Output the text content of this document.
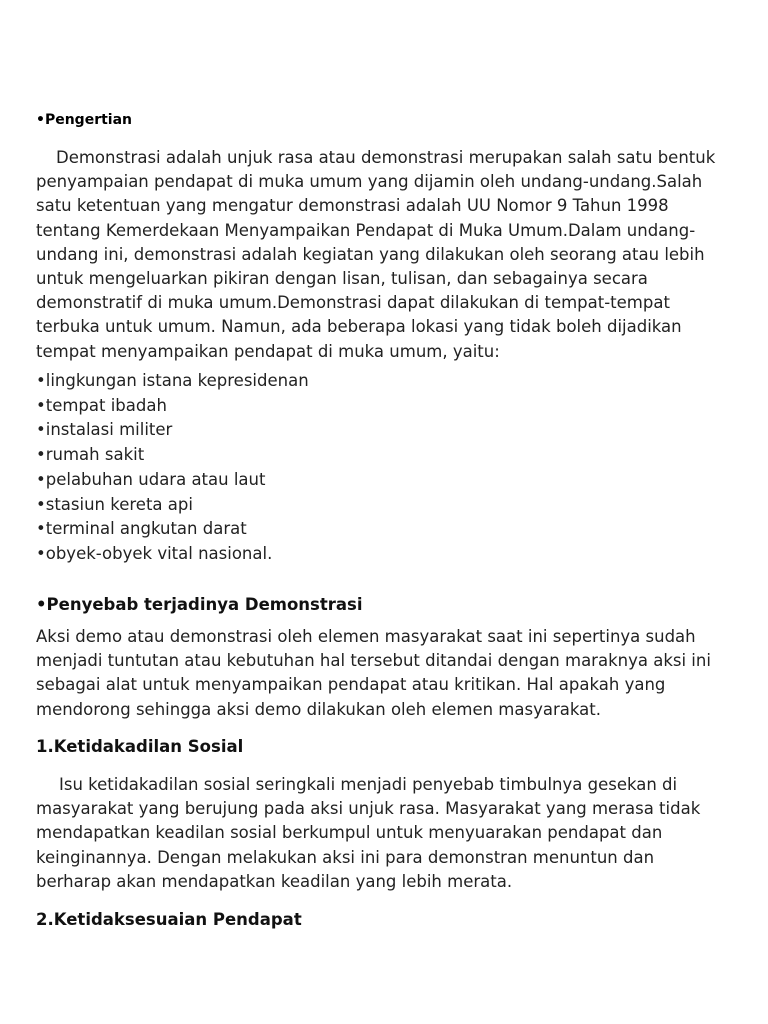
• Pengertian

Demonstrasi adalah unjuk rasa atau demonstrasi merupakan salah satu bentuk
penyampaian pendapat di muka umum yang dijamin oleh undang-undang.Salah
satu ketentuan yang mengatur demonstrasi adalah UU Nomor 9 Tahun 1998
tentang Kemerdekaan Menyampaikan Pendapat di Muka Umum.Dalam undang-
undang ini, demonstrasi adalah kegiatan yang dilakukan oleh seorang atau lebih
untuk mengeluarkan pikiran dengan lisan, tulisan, dan sebagainya secara
demonstratif di muka umum.Demonstrasi dapat dilakukan di tempat-tempat
terbuka untuk umum. Namun, ada beberapa lokasi yang tidak boleh dijadikan
tempat menyampaikan pendapat di muka umum, yaitu:

• lingkungan istana kepresidenan
• tempat ibadah
• instalasi militer
• rumah sakit
• pelabuhan udara atau laut
• stasiun kereta api
• terminal angkutan darat
• obyek-obyek vital nasional.
• Penyebab terjadinya Demonstrasi

Aksi demo atau demonstrasi oleh elemen masyarakat saat ini sepertinya sudah
menjadi tuntutan atau kebutuhan hal tersebut ditandai dengan maraknya aksi ini
sebagai alat untuk menyampaikan pendapat atau kritikan. Hal apakah yang
mendorong sehingga aksi demo dilakukan oleh elemen masyarakat.

1.Ketidakadilan Sosial

Isu ketidakadilan sosial seringkali menjadi penyebab timbulnya gesekan di
masyarakat yang berujung pada aksi unjuk rasa. Masyarakat yang merasa tidak
mendapatkan keadilan sosial berkumpul untuk menyuarakan pendapat dan
keinginannya. Dengan melakukan aksi ini para demonstran menuntun dan
berharap akan mendapatkan keadilan yang lebih merata.

2.Ketidaksesuaian Pendapat
